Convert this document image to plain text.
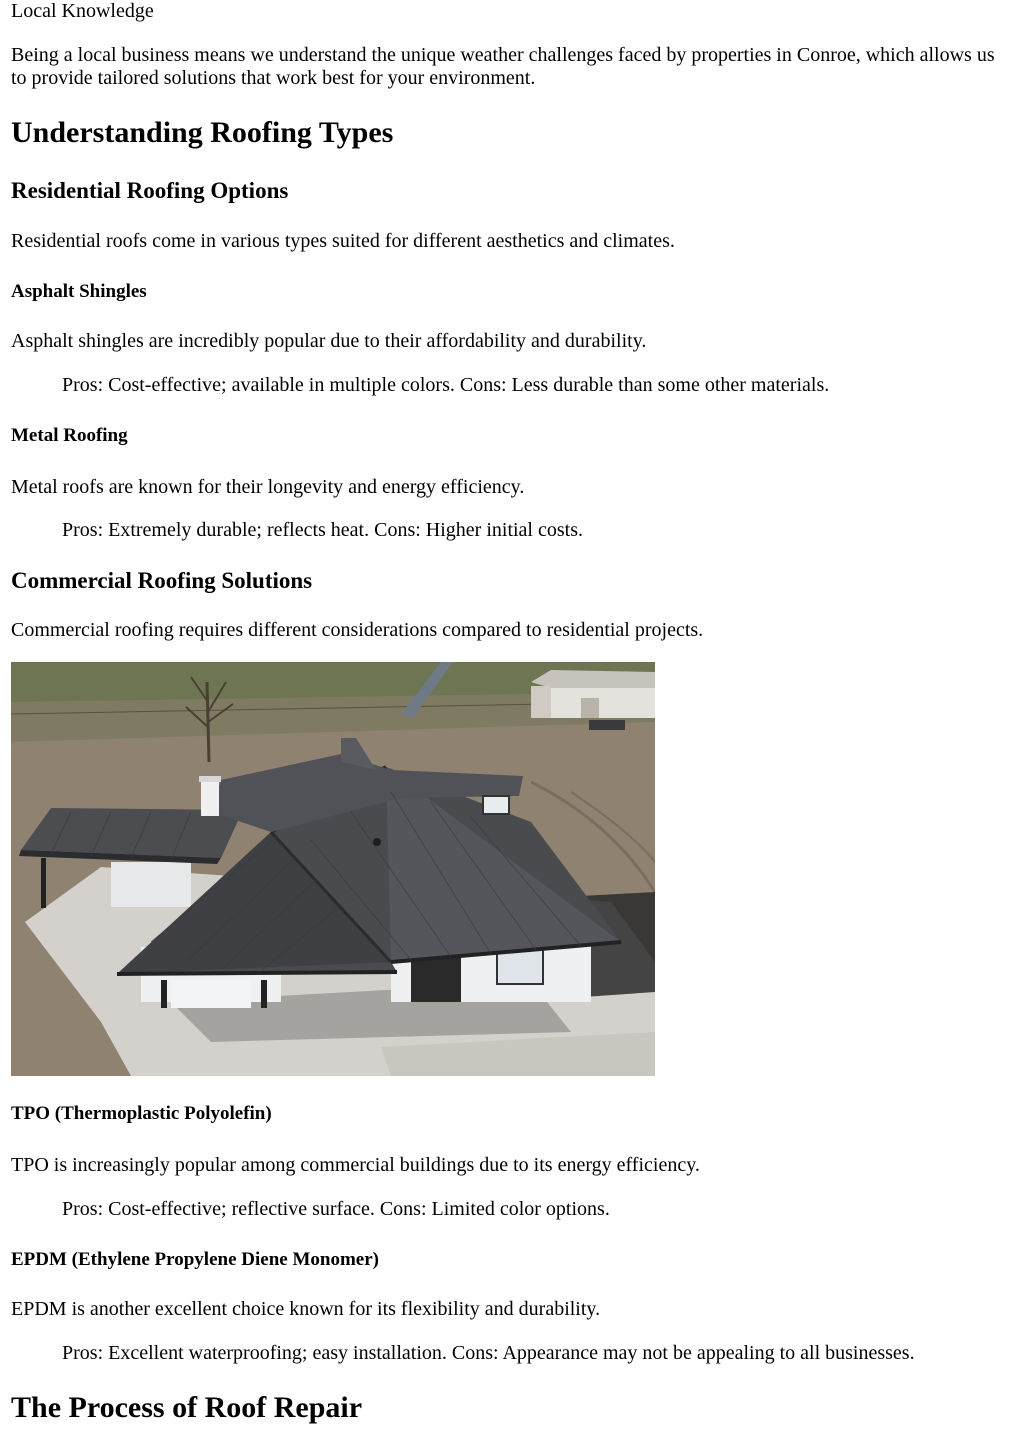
Local Knowledge

Being a local business means we understand the unique weather challenges faced by properties in Conroe, which allows us to provide tailored solutions that work best for your environment.

Understanding Roofing Types
Residential Roofing Options

Residential roofs come in various types suited for different aesthetics and climates.

Asphalt Shingles

Asphalt shingles are incredibly popular due to their affordability and durability.

Pros: Cost-effective; available in multiple colors. Cons: Less durable than some other materials.

Metal Roofing

Metal roofs are known for their longevity and energy efficiency.

Pros: Extremely durable; reflects heat. Cons: Higher initial costs.

Commercial Roofing Solutions

Commercial roofing requires different considerations compared to residential projects.

TPO (Thermoplastic Polyolefin)

TPO is increasingly popular among commercial buildings due to its energy efficiency.

Pros: Cost-effective; reflective surface. Cons: Limited color options.

EPDM (Ethylene Propylene Diene Monomer)

EPDM is another excellent choice known for its flexibility and durability.

Pros: Excellent waterproofing; easy installation. Cons: Appearance may not be appealing to all businesses.

The Process of Roof Repair
